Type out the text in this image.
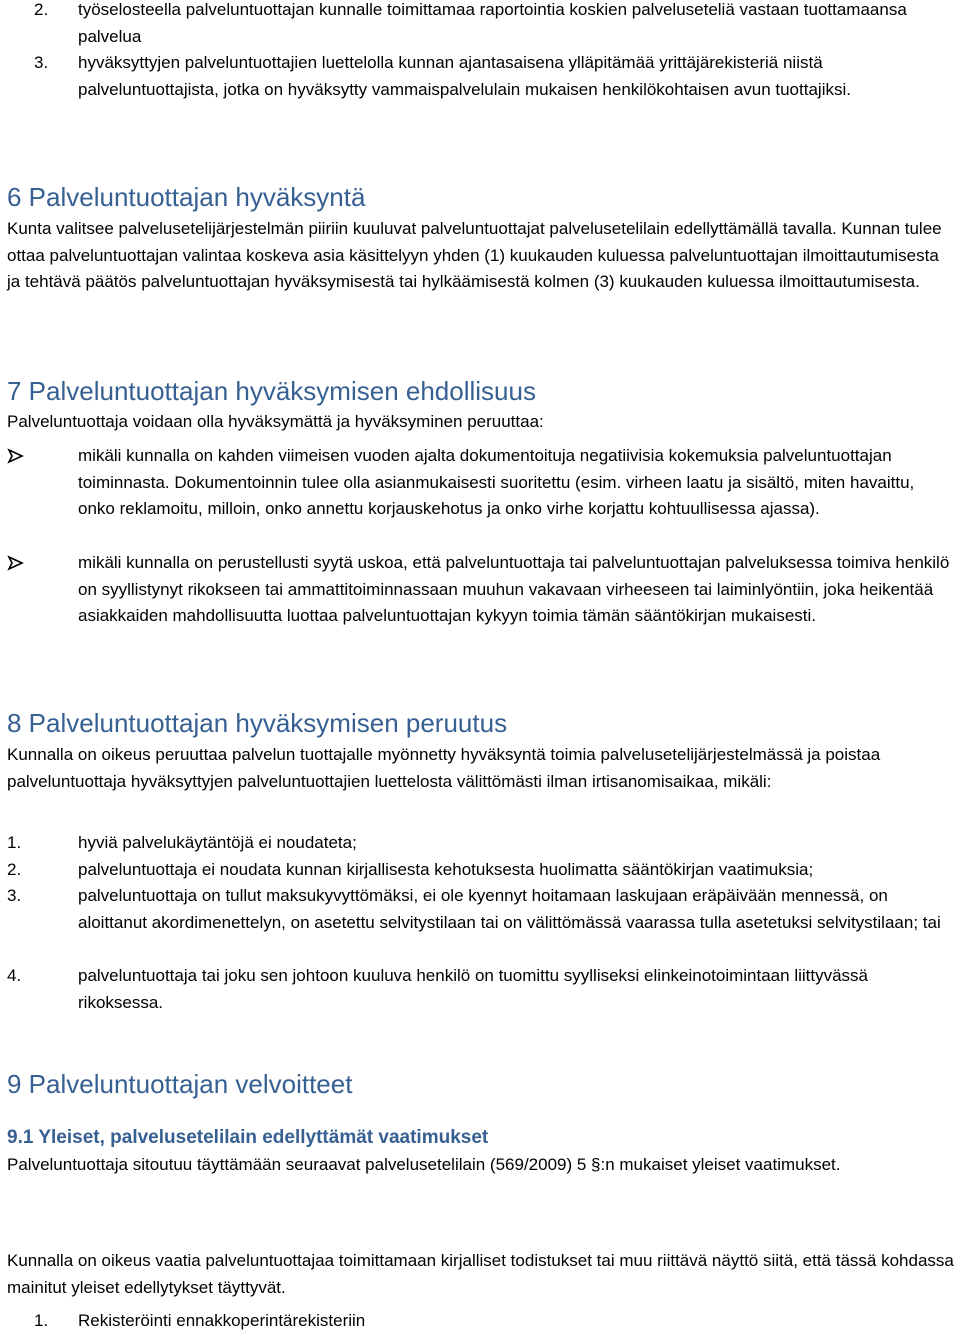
2. työselosteella palveluntuottajan kunnalle toimittamaa raportointia koskien palveluseteliä vastaan tuottamaansa palvelua
3. hyväksyttyjen palveluntuottajien luettelolla kunnan ajantasaisena ylläpitämää yrittäjärekisteriä niistä palveluntuottajista, jotka on hyväksytty vammaispalvelulain mukaisen henkilökohtaisen avun tuottajiksi.
6 Palveluntuottajan hyväksyntä

Kunta valitsee palvelusetelijärjestelmän piiriin kuuluvat palveluntuottajat palvelusetelilain edellyttämällä tavalla. Kunnan tulee ottaa palveluntuottajan valintaa koskeva asia käsittelyyn yhden (1) kuukauden kuluessa palveluntuottajan ilmoittautumisesta ja tehtävä päätös palveluntuottajan hyväksymisestä tai hylkäämisestä kolmen (3) kuukauden kuluessa ilmoittautumisesta.

7 Palveluntuottajan hyväksymisen ehdollisuus

Palveluntuottaja voidaan olla hyväksymättä ja hyväksyminen peruuttaa:

mikäli kunnalla on kahden viimeisen vuoden ajalta dokumentoituja negatiivisia kokemuksia palveluntuottajan toiminnasta. Dokumentoinnin tulee olla asianmukaisesti suoritettu (esim. virheen laatu ja sisältö, miten havaittu, onko reklamoitu, milloin, onko annettu korjauskehotus ja onko virhe korjattu kohtuullisessa ajassa).
mikäli kunnalla on perustellusti syytä uskoa, että palveluntuottaja tai palveluntuottajan palveluksessa toimiva henkilö on syyllistynyt rikokseen tai ammattitoiminnassaan muuhun vakavaan virheeseen tai laiminlyöntiin, joka heikentää asiakkaiden mahdollisuutta luottaa palveluntuottajan kykyyn toimia tämän sääntökirjan mukaisesti.
8 Palveluntuottajan hyväksymisen peruutus

Kunnalla on oikeus peruuttaa palvelun tuottajalle myönnetty hyväksyntä toimia palvelusetelijärjestelmässä ja poistaa palveluntuottaja hyväksyttyjen palveluntuottajien luettelosta välittömästi ilman irtisanomisaikaa, mikäli:

1.	hyviä palvelukäytäntöjä ei noudateta;
2.	palveluntuottaja ei noudata kunnan kirjallisesta kehotuksesta huolimatta sääntökirjan vaatimuksia;
3.	palveluntuottaja on tullut maksukyvyttömäksi, ei ole kyennyt hoitamaan laskujaan eräpäivään mennessä, on aloittanut akordimenettelyn, on asetettu selvitystilaan tai on välittömässä vaarassa tulla asetetuksi selvitystilaan; tai
4.	palveluntuottaja tai joku sen johtoon kuuluva henkilö on tuomittu syylliseksi elinkeinotoimintaan liittyvässä rikoksessa.
9 Palveluntuottajan velvoitteet
9.1 Yleiset, palvelusetelilain edellyttämät vaatimukset

Palveluntuottaja sitoutuu täyttämään seuraavat palvelusetelilain (569/2009) 5 §:n mukaiset yleiset vaatimukset.

Kunnalla on oikeus vaatia palveluntuottajaa toimittamaan kirjalliset todistukset tai muu riittävä näyttö siitä, että tässä kohdassa mainitut yleiset edellytykset täyttyvät.

1. Rekisteröinti ennakkoperintärekisteriin
